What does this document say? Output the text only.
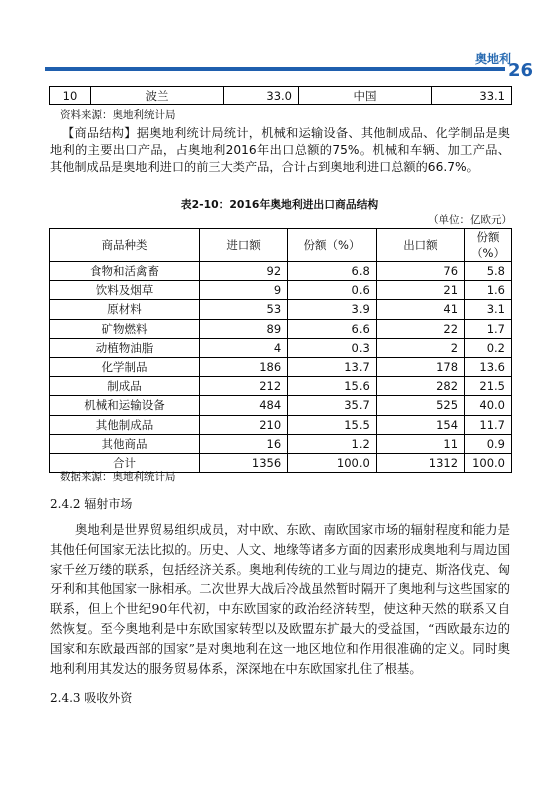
奥地利
26
10	波兰	33.0	中国	33.1
资料来源：奥地利统计局
【商品结构】据奥地利统计局统计，机械和运输设备、其他制成品、化学制品是奥地利的主要出口产品，占奥地利2016年出口总额的75%。机械和车辆、加工产品、其他制成品是奥地利进口的前三大类产品，合计占到奥地利进口总额的66.7%。
表2-10：2016年奥地利进出口商品结构
（单位：亿欧元）
商品种类	进口额	份额（%）	出口额	份额（%）
食物和活禽畜	92	6.8	76	5.8
饮料及烟草	9	0.6	21	1.6
原材料	53	3.9	41	3.1
矿物燃料	89	6.6	22	1.7
动植物油脂	4	0.3	2	0.2
化学制品	186	13.7	178	13.6
制成品	212	15.6	282	21.5
机械和运输设备	484	35.7	525	40.0
其他制成品	210	15.5	154	11.7
其他商品	16	1.2	11	0.9
合计	1356	100.0	1312	100.0
数据来源：奥地利统计局
2.4.2 辐射市场
奥地利是世界贸易组织成员，对中欧、东欧、南欧国家市场的辐射程度和能力是其他任何国家无法比拟的。历史、人文、地缘等诸多方面的因素形成奥地利与周边国家千丝万缕的联系，包括经济关系。奥地利传统的工业与周边的捷克、斯洛伐克、匈牙利和其他国家一脉相承。二次世界大战后冷战虽然暂时隔开了奥地利与这些国家的联系，但上个世纪90年代初，中东欧国家的政治经济转型，使这种天然的联系又自然恢复。至今奥地利是中东欧国家转型以及欧盟东扩最大的受益国，“西欧最东边的国家和东欧最西部的国家”是对奥地利在这一地区地位和作用很准确的定义。同时奥地利利用其发达的服务贸易体系，深深地在中东欧国家扎住了根基。
2.4.3 吸收外资
